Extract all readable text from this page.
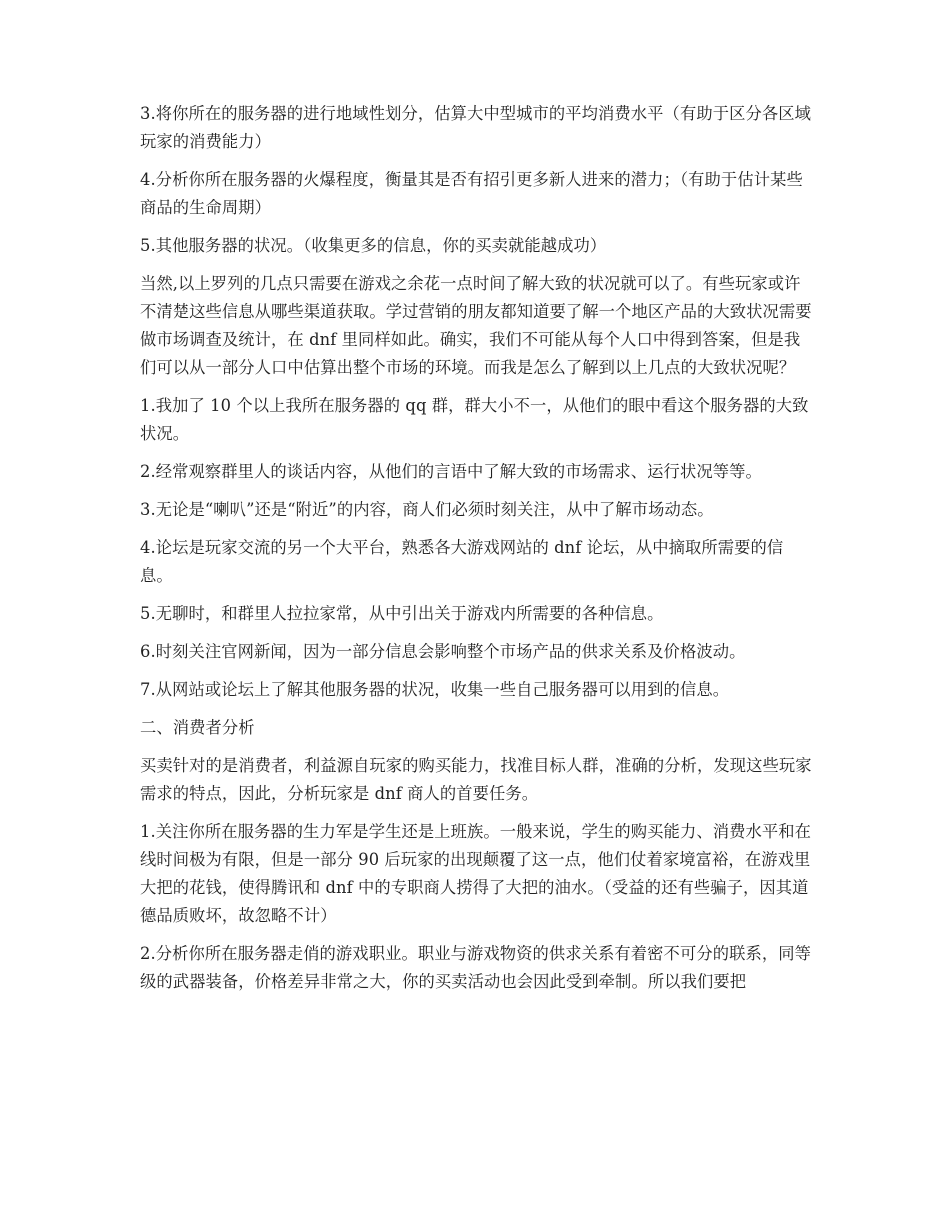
3.将你所在的服务器的进行地域性划分，估算大中型城市的平均消费水平（有助于区分各区域玩家的消费能力）

4.分析你所在服务器的火爆程度，衡量其是否有招引更多新人进来的潜力；（有助于估计某些商品的生命周期）

5.其他服务器的状况。（收集更多的信息，你的买卖就能越成功）

当然,以上罗列的几点只需要在游戏之余花一点时间了解大致的状况就可以了。有些玩家或许不清楚这些信息从哪些渠道获取。学过营销的朋友都知道要了解一个地区产品的大致状况需要做市场调查及统计，在 dnf 里同样如此。确实，我们不可能从每个人口中得到答案，但是我们可以从一部分人口中估算出整个市场的环境。而我是怎么了解到以上几点的大致状况呢？

1.我加了 10 个以上我所在服务器的 qq 群，群大小不一，从他们的眼中看这个服务器的大致状况。

2.经常观察群里人的谈话内容，从他们的言语中了解大致的市场需求、运行状况等等。

3.无论是“喇叭”还是“附近”的内容，商人们必须时刻关注，从中了解市场动态。

4.论坛是玩家交流的另一个大平台，熟悉各大游戏网站的 dnf 论坛，从中摘取所需要的信息。

5.无聊时，和群里人拉拉家常，从中引出关于游戏内所需要的各种信息。

6.时刻关注官网新闻，因为一部分信息会影响整个市场产品的供求关系及价格波动。

7.从网站或论坛上了解其他服务器的状况，收集一些自己服务器可以用到的信息。

二、消费者分析

买卖针对的是消费者，利益源自玩家的购买能力，找准目标人群，准确的分析，发现这些玩家需求的特点，因此，分析玩家是 dnf 商人的首要任务。

1.关注你所在服务器的生力军是学生还是上班族。一般来说，学生的购买能力、消费水平和在线时间极为有限，但是一部分 90 后玩家的出现颠覆了这一点，他们仗着家境富裕，在游戏里大把的花钱，使得腾讯和 dnf 中的专职商人捞得了大把的油水。（受益的还有些骗子，因其道德品质败坏，故忽略不计）

2.分析你所在服务器走俏的游戏职业。职业与游戏物资的供求关系有着密不可分的联系，同等级的武器装备，价格差异非常之大，你的买卖活动也会因此受到牵制。所以我们要把
